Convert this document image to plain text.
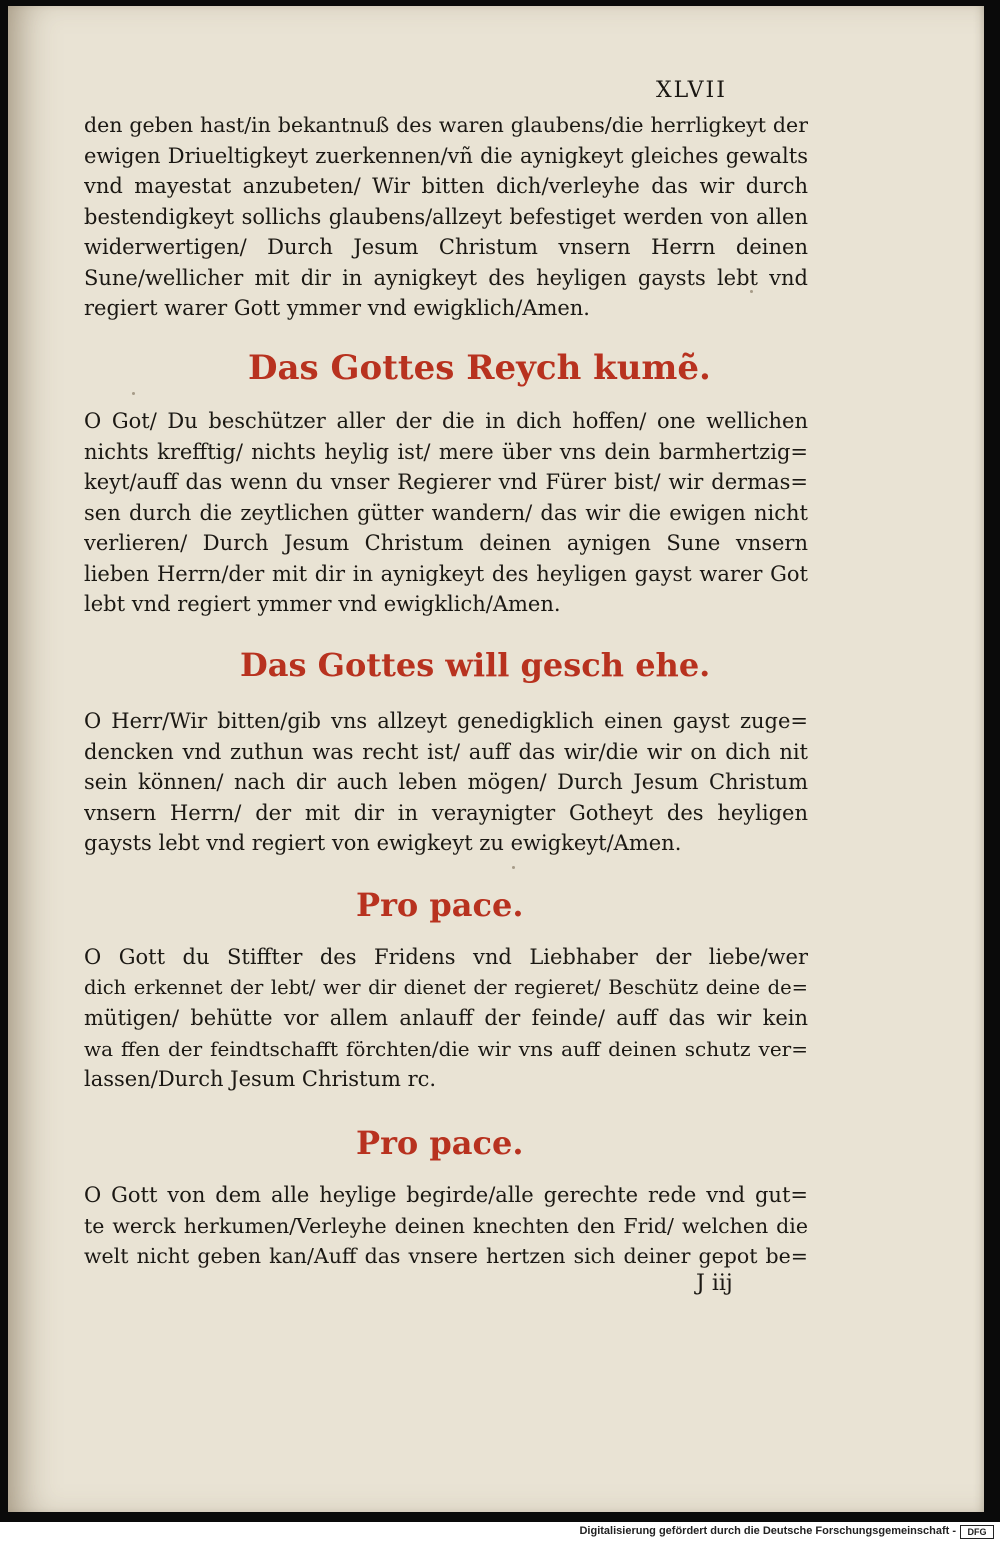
XLVII
den geben hast/in bekantnuß des waren glaubens/die herrligkeyt der
ewigen Driueltigkeyt zuerkennen/vñ die aynigkeyt gleiches gewalts
vnd mayestat anzubeten/ Wir bitten dich/verleyhe das wir durch
bestendigkeyt sollichs glaubens/allzeyt befestiget werden von allen
widerwertigen/ Durch Jesum Christum vnsern Herrn deinen
Sune/wellicher mit dir in aynigkeyt des heyligen gaysts lebt vnd
regiert warer Gott ymmer vnd ewigklich/Amen.
Das Gottes Reych kumẽ.
O Got/ Du beschützer aller der die in dich hoffen/ one wellichen
nichts krefftig/ nichts heylig ist/ mere über vns dein barmhertzig=
keyt/auff das wenn du vnser Regierer vnd Fürer bist/ wir dermas=
sen durch die zeytlichen gütter wandern/ das wir die ewigen nicht
verlieren/ Durch Jesum Christum deinen aynigen Sune vnsern
lieben Herrn/der mit dir in aynigkeyt des heyligen gayst warer Got
lebt vnd regiert ymmer vnd ewigklich/Amen.
Das Gottes will gesch ehe.
O Herr/Wir bitten/gib vns allzeyt genedigklich einen gayst zuge=
dencken vnd zuthun was recht ist/ auff das wir/die wir on dich nit
sein können/ nach dir auch leben mögen/ Durch Jesum Christum
vnsern Herrn/ der mit dir in veraynigter Gotheyt des heyligen
gaysts lebt vnd regiert von ewigkeyt zu ewigkeyt/Amen.
Pro pace.
O Gott du Stiffter des Fridens vnd Liebhaber der liebe/wer
dich erkennet der lebt/ wer dir dienet der regieret/ Beschütz deine de=
mütigen/ behütte vor allem anlauff der feinde/ auff das wir kein
wa ffen der feindtschafft förchten/die wir vns auff deinen schutz ver=
lassen/Durch Jesum Christum rc.
Pro pace.
O Gott von dem alle heylige begirde/alle gerechte rede vnd gut=
te werck herkumen/Verleyhe deinen knechten den Frid/ welchen die
welt nicht geben kan/Auff das vnsere hertzen sich deiner gepot be=
J iij
Digitalisierung gefördert durch die Deutsche Forschungsgemeinschaft -	DFG
